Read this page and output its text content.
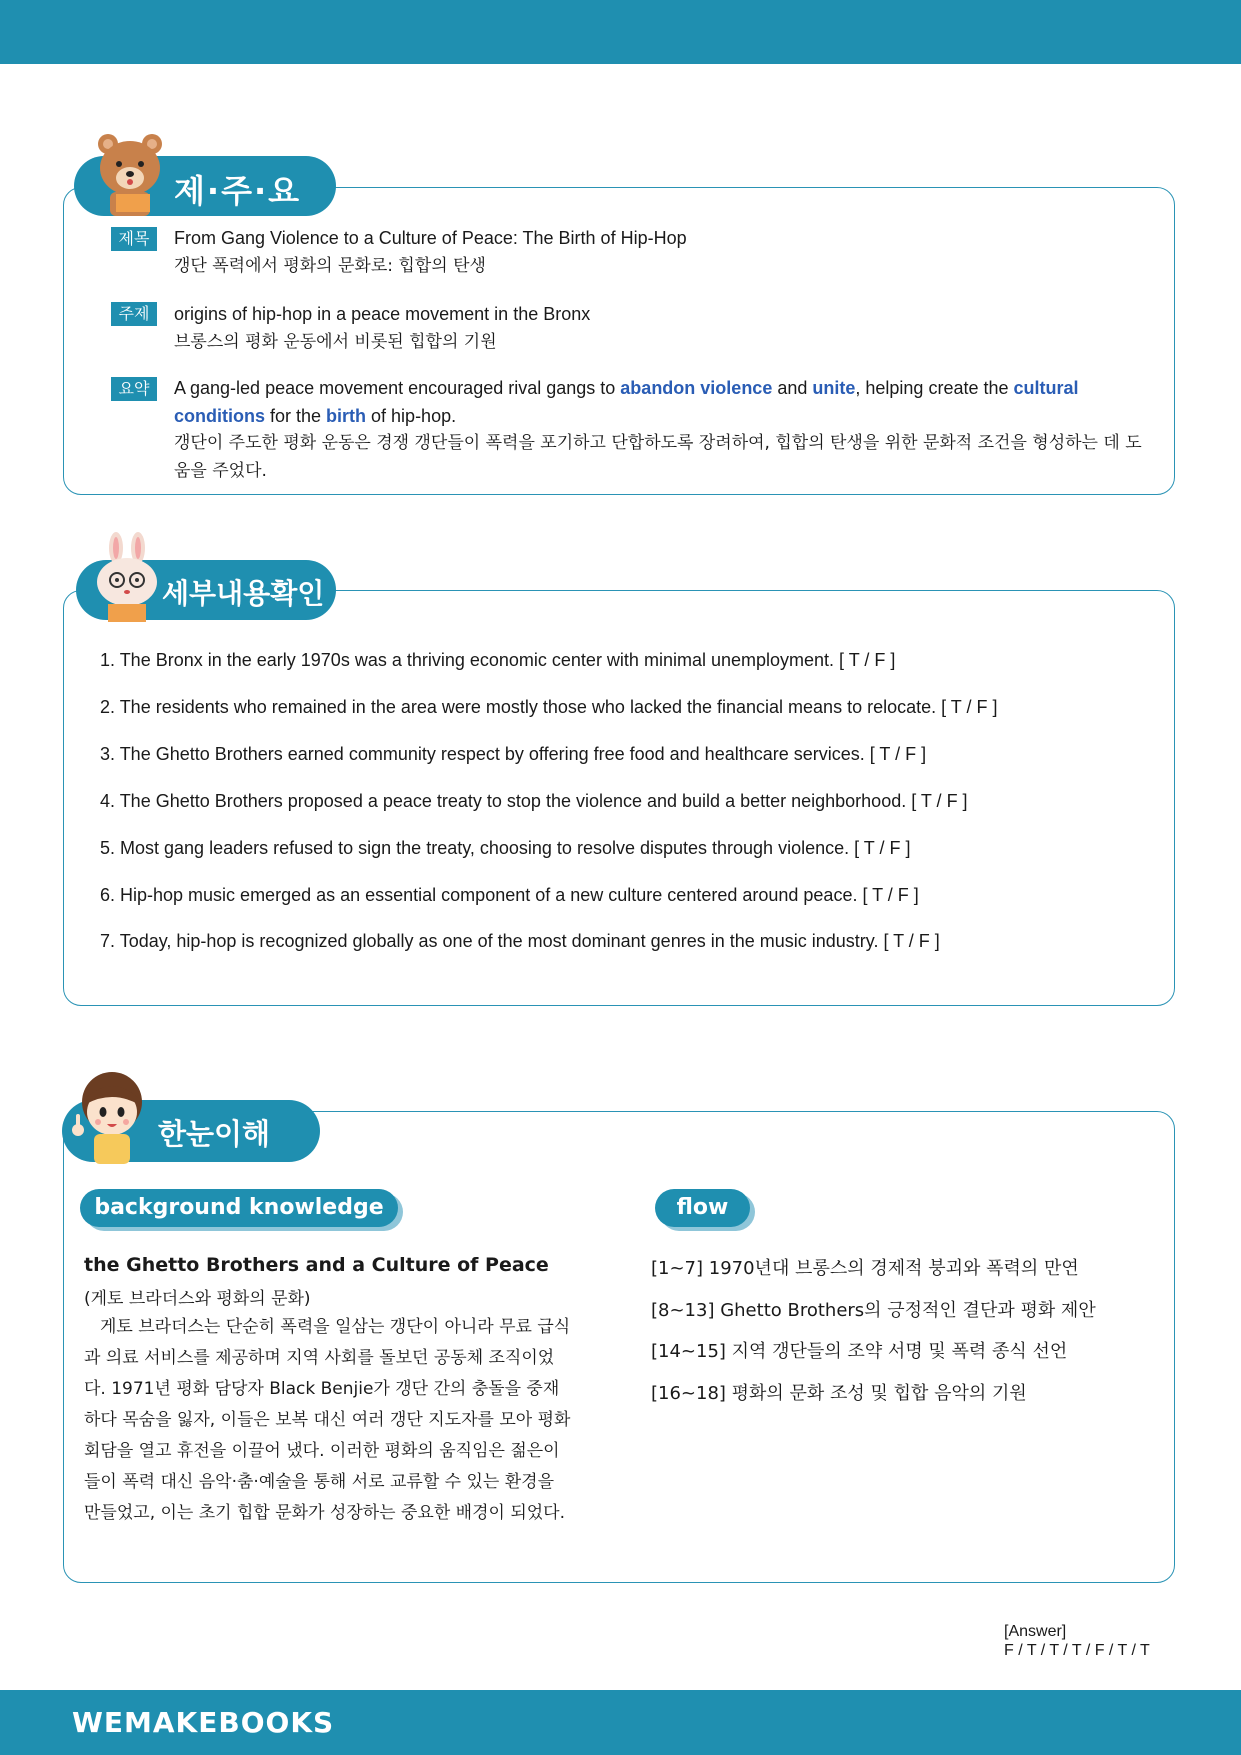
제·주·요
제목	From Gang Violence to a Culture of Peace: The Birth of Hip-Hop
갱단 폭력에서 평화의 문화로: 힙합의 탄생
주제	origins of hip-hop in a peace movement in the Bronx
브롱스의 평화 운동에서 비롯된 힙합의 기원
요약	A gang-led peace movement encouraged rival gangs to abandon violence and unite, helping create the cultural conditions for the birth of hip-hop.
갱단이 주도한 평화 운동은 경쟁 갱단들이 폭력을 포기하고 단합하도록 장려하여, 힙합의 탄생을 위한 문화적 조건을 형성하는 데 도움을 주었다.
세부내용확인
1. The Bronx in the early 1970s was a thriving economic center with minimal unemployment. [ T / F ]
2. The residents who remained in the area were mostly those who lacked the financial means to relocate. [ T / F ]
3. The Ghetto Brothers earned community respect by offering free food and healthcare services. [ T / F ]
4. The Ghetto Brothers proposed a peace treaty to stop the violence and build a better neighborhood. [ T / F ]
5. Most gang leaders refused to sign the treaty, choosing to resolve disputes through violence. [ T / F ]
6. Hip-hop music emerged as an essential component of a new culture centered around peace. [ T / F ]
7. Today, hip-hop is recognized globally as one of the most dominant genres in the music industry. [ T / F ]
한눈이해
background knowledge	flow
the Ghetto Brothers and a Culture of Peace
(게토 브라더스와 평화의 문화)
게토 브라더스는 단순히 폭력을 일삼는 갱단이 아니라 무료 급식과 의료 서비스를 제공하며 지역 사회를 돌보던 공동체 조직이었다. 1971년 평화 담당자 Black Benjie가 갱단 간의 충돌을 중재하다 목숨을 잃자, 이들은 보복 대신 여러 갱단 지도자를 모아 평화 회담을 열고 휴전을 이끌어 냈다. 이러한 평화의 움직임은 젊은이들이 폭력 대신 음악·춤·예술을 통해 서로 교류할 수 있는 환경을 만들었고, 이는 초기 힙합 문화가 성장하는 중요한 배경이 되었다.
[1~7] 1970년대 브롱스의 경제적 붕괴와 폭력의 만연
[8~13] Ghetto Brothers의 긍정적인 결단과 평화 제안
[14~15] 지역 갱단들의 조약 서명 및 폭력 종식 선언
[16~18] 평화의 문화 조성 및 힙합 음악의 기원
[Answer]
F / T / T / T / F / T / T
WEMAKEBOOKS
